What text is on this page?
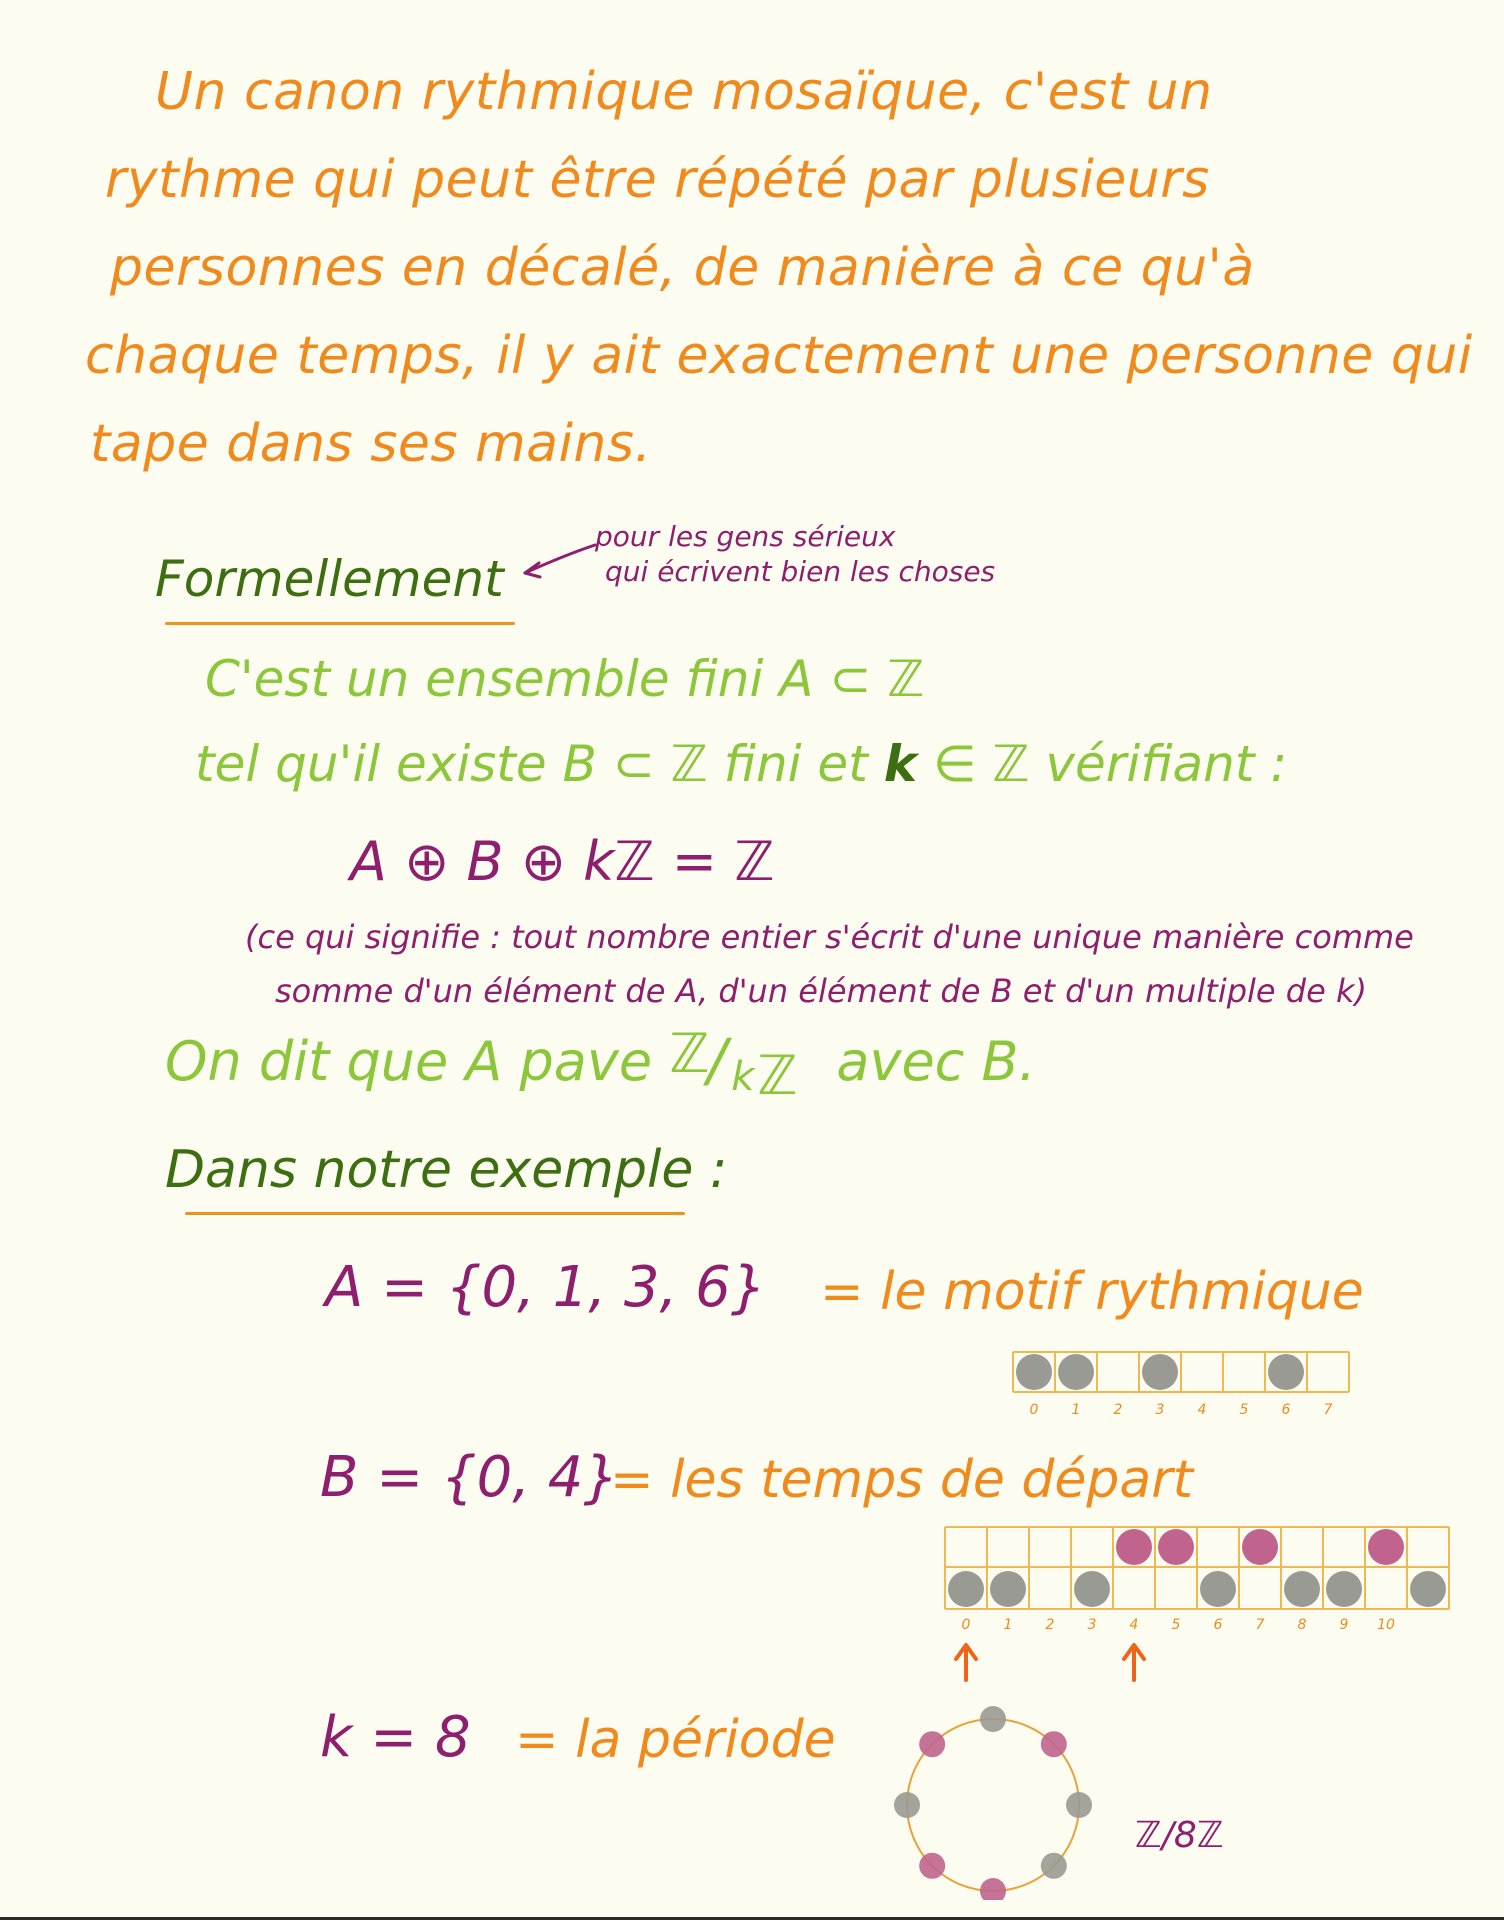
Un canon rythmique mosaïque, c'est un
rythme qui peut être répété par plusieurs
personnes en décalé, de manière à ce qu'à
chaque temps, il y ait exactement une personne qui
tape dans ses mains.
Formellement
pour les gens sérieux
qui écrivent bien les choses
C'est un ensemble fini A ⊂ ℤ
tel qu'il existe B ⊂ ℤ fini et k ∈ ℤ vérifiant :
A ⊕ B ⊕ kℤ = ℤ
(ce qui signifie : tout nombre entier s'écrit d'une unique manière comme
somme d'un élément de A, d'un élément de B et d'un multiple de k)
On dit que A pave ℤ
/ k ℤ avec B.
Dans notre exemple :
A = {0, 1, 3, 6} = le motif rythmique
0 1 2 3 4 5 6 7
B = {0, 4}
= les temps de départ
0 1 2 3 4 5 6 7 8 9 10
k = 8 = la période
ℤ/8ℤ
